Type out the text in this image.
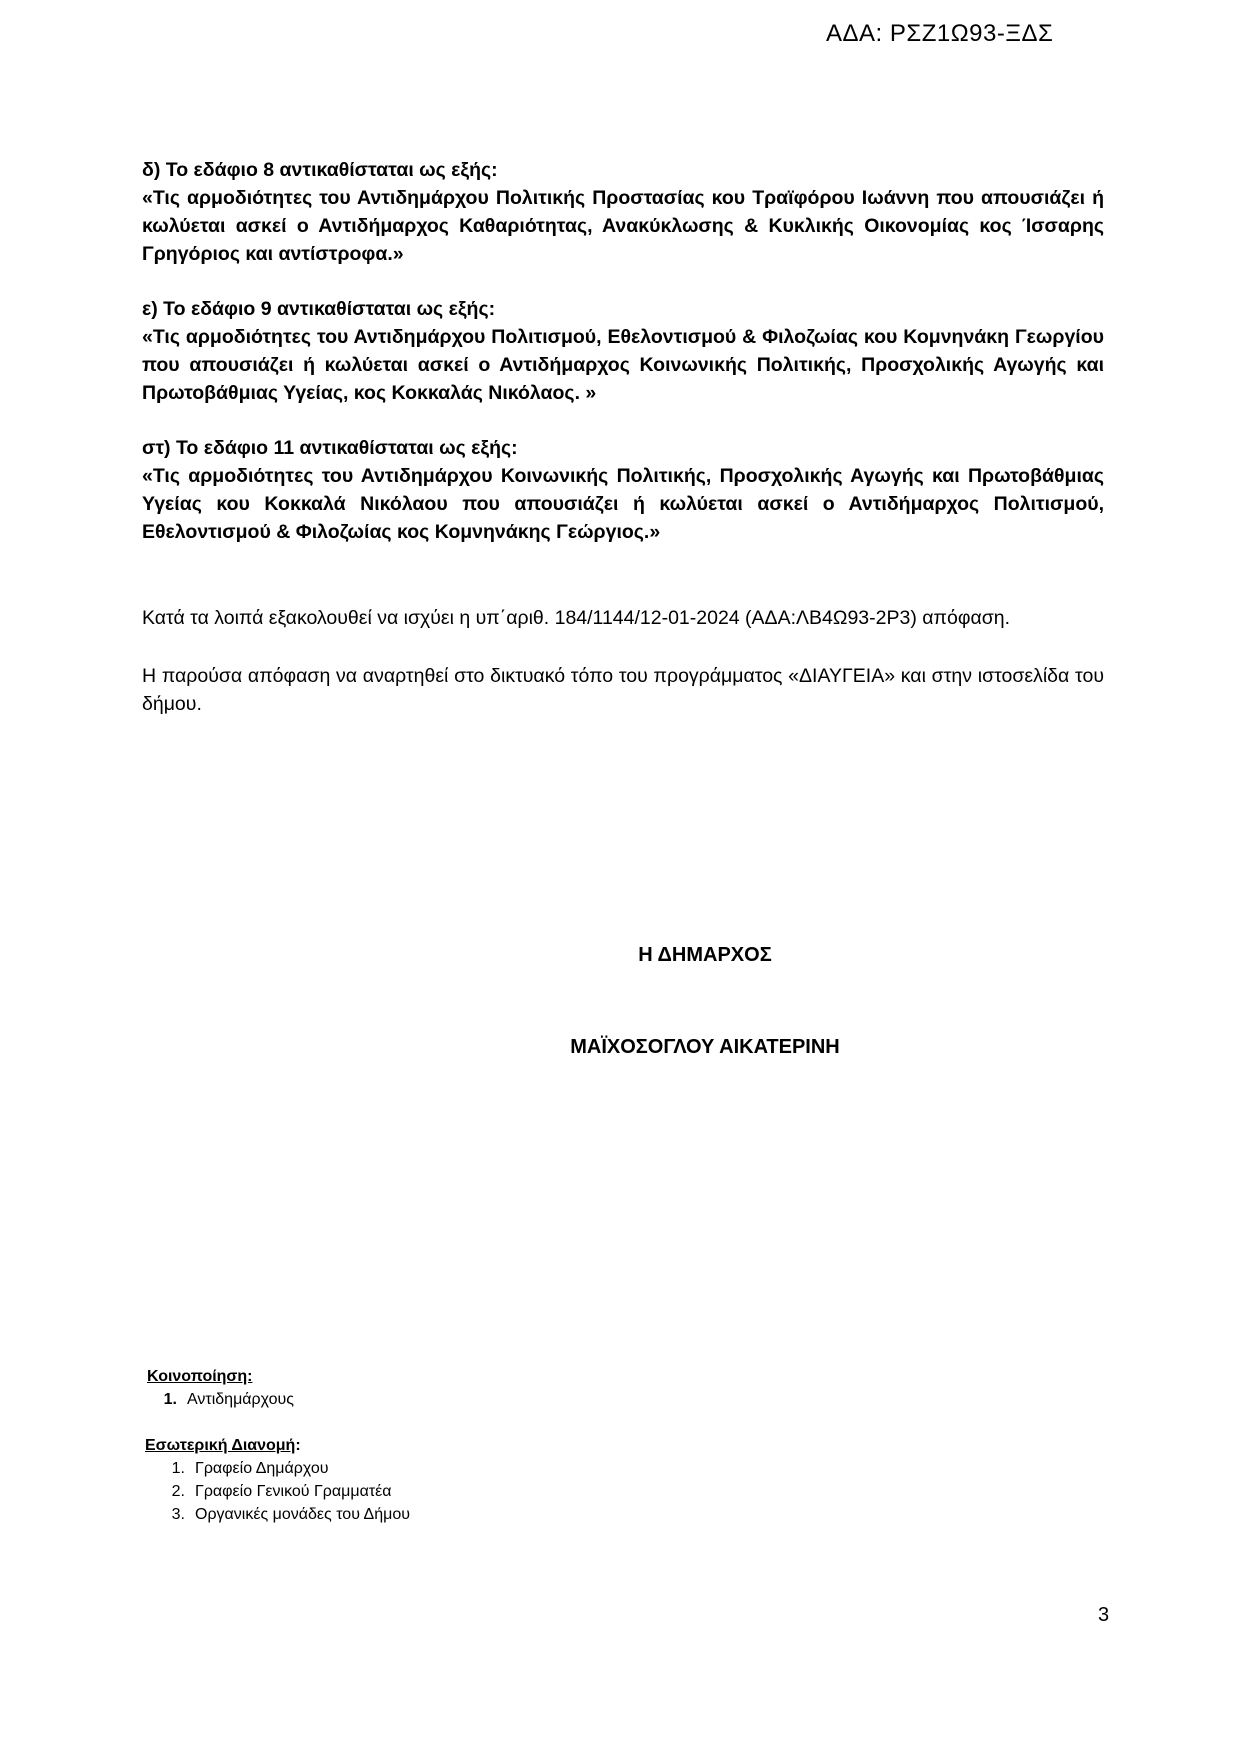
ΑΔΑ: ΡΣΖ1Ω93-ΞΔΣ
δ) Το εδάφιο 8 αντικαθίσταται ως εξής:
«Τις αρμοδιότητες του Αντιδημάρχου Πολιτικής Προστασίας κου Τραϊφόρου Ιωάννη που απουσιάζει ή κωλύεται ασκεί ο Αντιδήμαρχος Καθαριότητας, Ανακύκλωσης & Κυκλικής Οικονομίας κος Ίσσαρης Γρηγόριος και αντίστροφα.»
ε) Το εδάφιο 9 αντικαθίσταται ως εξής:
«Τις αρμοδιότητες του Αντιδημάρχου Πολιτισμού, Εθελοντισμού & Φιλοζωίας κου Κομνηνάκη Γεωργίου που απουσιάζει ή κωλύεται ασκεί ο Αντιδήμαρχος Κοινωνικής Πολιτικής, Προσχολικής Αγωγής και Πρωτοβάθμιας Υγείας, κος Κοκκαλάς Νικόλαος. »
στ) Το εδάφιο 11 αντικαθίσταται ως εξής:
«Τις αρμοδιότητες του Αντιδημάρχου Κοινωνικής Πολιτικής, Προσχολικής Αγωγής και Πρωτοβάθμιας Υγείας κου Κοκκαλά Νικόλαου που απουσιάζει ή κωλύεται ασκεί ο Αντιδήμαρχος Πολιτισμού, Εθελοντισμού & Φιλοζωίας κος Κομνηνάκης Γεώργιος.»
Κατά τα λοιπά εξακολουθεί να ισχύει η υπ΄αριθ. 184/1144/12-01-2024 (ΑΔΑ:ΛΒ4Ω93-2Ρ3) απόφαση.
Η παρούσα απόφαση να αναρτηθεί στο δικτυακό τόπο του προγράμματος «ΔΙΑΥΓΕΙΑ» και στην ιστοσελίδα του δήμου.
Η ΔΗΜΑΡΧΟΣ
ΜΑΪΧΟΣΟΓΛΟΥ ΑΙΚΑΤΕΡΙΝΗ
Κοινοποίηση:
1. Αντιδημάρχους
Εσωτερική Διανομή:
1. Γραφείο Δημάρχου
2. Γραφείο Γενικού Γραμματέα
3. Οργανικές μονάδες του Δήμου
3
